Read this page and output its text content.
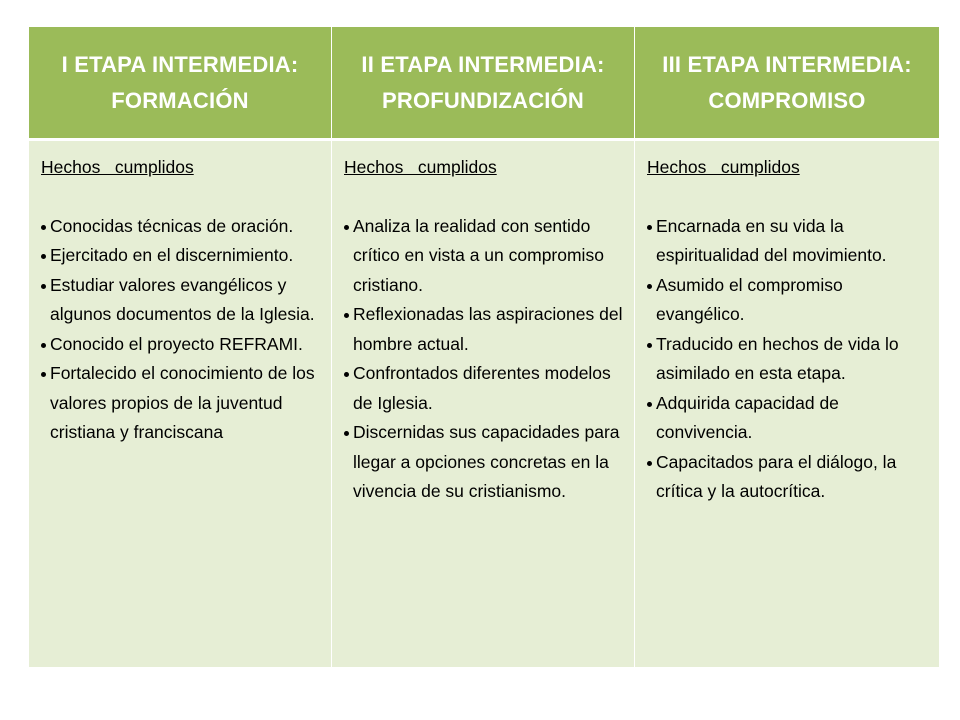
I ETAPA INTERMEDIA:
FORMACIÓN
II ETAPA INTERMEDIA:
PROFUNDIZACIÓN
III ETAPA INTERMEDIA:
COMPROMISO
Hechos   cumplidos
Conocidas técnicas de oración.
Ejercitado en el discernimiento.
Estudiar valores evangélicos y algunos documentos de la Iglesia.
Conocido el proyecto REFRAMI.
Fortalecido el conocimiento de los valores propios de la juventud cristiana y franciscana
Hechos   cumplidos
Analiza la realidad con sentido crítico en vista a un compromiso cristiano.
Reflexionadas las aspiraciones del hombre actual.
Confrontados diferentes modelos de Iglesia.
Discernidas sus capacidades para llegar a opciones concretas en la vivencia de su cristianismo.
Hechos   cumplidos
Encarnada en su vida la espiritualidad del movimiento.
Asumido el compromiso evangélico.
Traducido en hechos de vida lo asimilado en esta etapa.
Adquirida capacidad de convivencia.
Capacitados para el diálogo, la crítica y la autocrítica.
